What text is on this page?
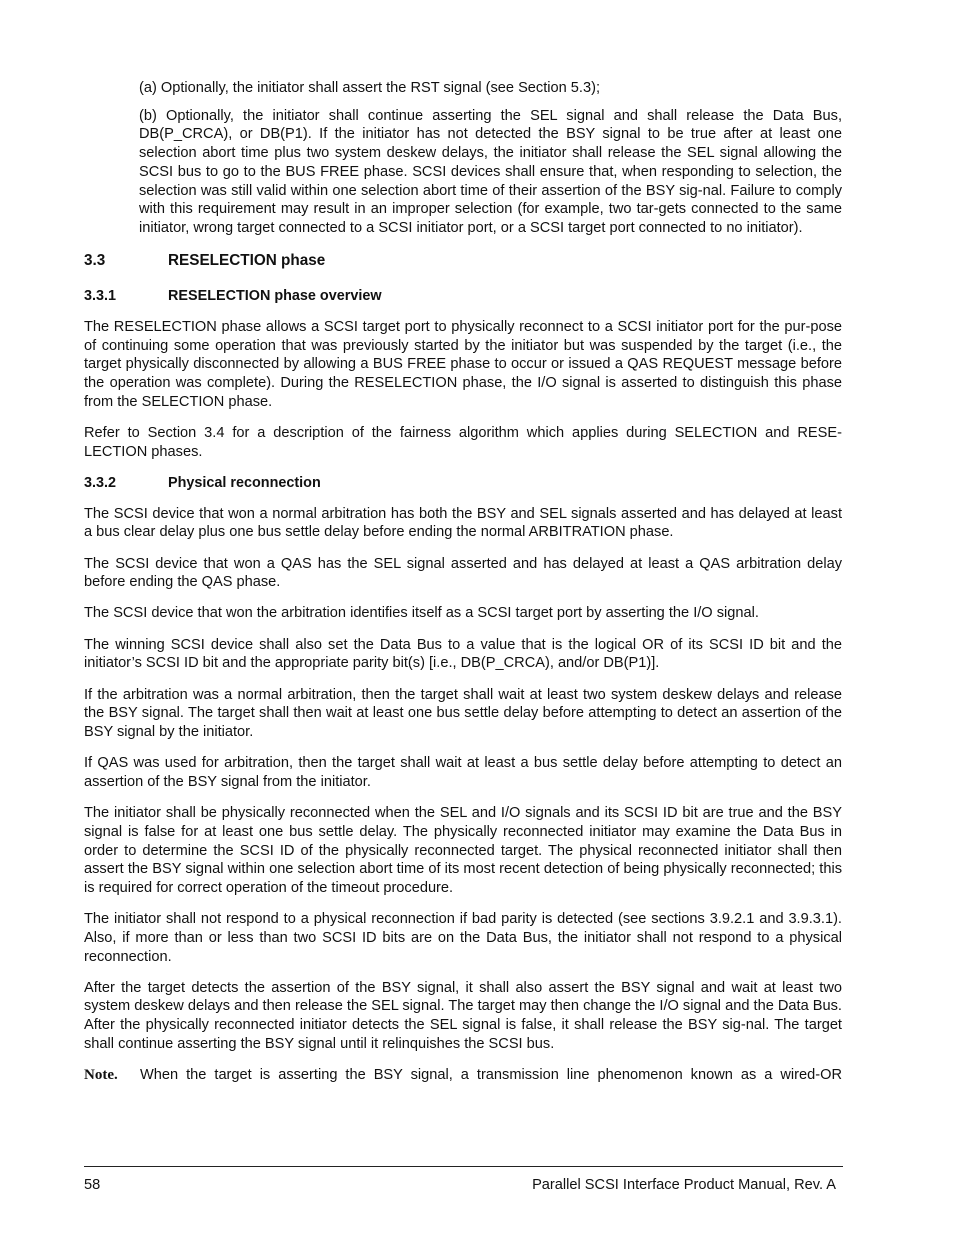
(a) Optionally, the initiator shall assert the RST signal (see Section 5.3);

(b) Optionally, the initiator shall continue asserting the SEL signal and shall release the Data Bus, DB(P_CRCA), or DB(P1). If the initiator has not detected the BSY signal to be true after at least one selection abort time plus two system deskew delays, the initiator shall release the SEL signal allowing the SCSI bus to go to the BUS FREE phase. SCSI devices shall ensure that, when responding to selection, the selection was still valid within one selection abort time of their assertion of the BSY sig-nal. Failure to comply with this requirement may result in an improper selection (for example, two tar-gets connected to the same initiator, wrong target connected to a SCSI initiator port, or a SCSI target port connected to no initiator).

3.3	RESELECTION phase
3.3.1	RESELECTION phase overview

The RESELECTION phase allows a SCSI target port to physically reconnect to a SCSI initiator port for the pur-pose of continuing some operation that was previously started by the initiator but was suspended by the target (i.e., the target physically disconnected by allowing a BUS FREE phase to occur or issued a QAS REQUEST message before the operation was complete). During the RESELECTION phase, the I/O signal is asserted to distinguish this phase from the SELECTION phase.

Refer to Section 3.4 for a description of the fairness algorithm which applies during SELECTION and RESE-LECTION phases.

3.3.2	Physical reconnection

The SCSI device that won a normal arbitration has both the BSY and SEL signals asserted and has delayed at least a bus clear delay plus one bus settle delay before ending the normal ARBITRATION phase.

The SCSI device that won a QAS has the SEL signal asserted and has delayed at least a QAS arbitration delay before ending the QAS phase.

The SCSI device that won the arbitration identifies itself as a SCSI target port by asserting the I/O signal.

The winning SCSI device shall also set the Data Bus to a value that is the logical OR of its SCSI ID bit and the initiator’s SCSI ID bit and the appropriate parity bit(s) [i.e., DB(P_CRCA), and/or DB(P1)].

If the arbitration was a normal arbitration, then the target shall wait at least two system deskew delays and release the BSY signal. The target shall then wait at least one bus settle delay before attempting to detect an assertion of the BSY signal by the initiator.

If QAS was used for arbitration, then the target shall wait at least a bus settle delay before attempting to detect an assertion of the BSY signal from the initiator.

The initiator shall be physically reconnected when the SEL and I/O signals and its SCSI ID bit are true and the BSY signal is false for at least one bus settle delay. The physically reconnected initiator may examine the Data Bus in order to determine the SCSI ID of the physically reconnected target. The physical reconnected initiator shall then assert the BSY signal within one selection abort time of its most recent detection of being physically reconnected; this is required for correct operation of the timeout procedure.

The initiator shall not respond to a physical reconnection if bad parity is detected (see sections 3.9.2.1 and 3.9.3.1). Also, if more than or less than two SCSI ID bits are on the Data Bus, the initiator shall not respond to a physical reconnection.

After the target detects the assertion of the BSY signal, it shall also assert the BSY signal and wait at least two system deskew delays and then release the SEL signal. The target may then change the I/O signal and the Data Bus. After the physically reconnected initiator detects the SEL signal is false, it shall release the BSY sig-nal. The target shall continue asserting the BSY signal until it relinquishes the SCSI bus.

Note.	When the target is asserting the BSY signal, a transmission line phenomenon known as a wired-OR
58	Parallel SCSI Interface Product Manual, Rev. A
